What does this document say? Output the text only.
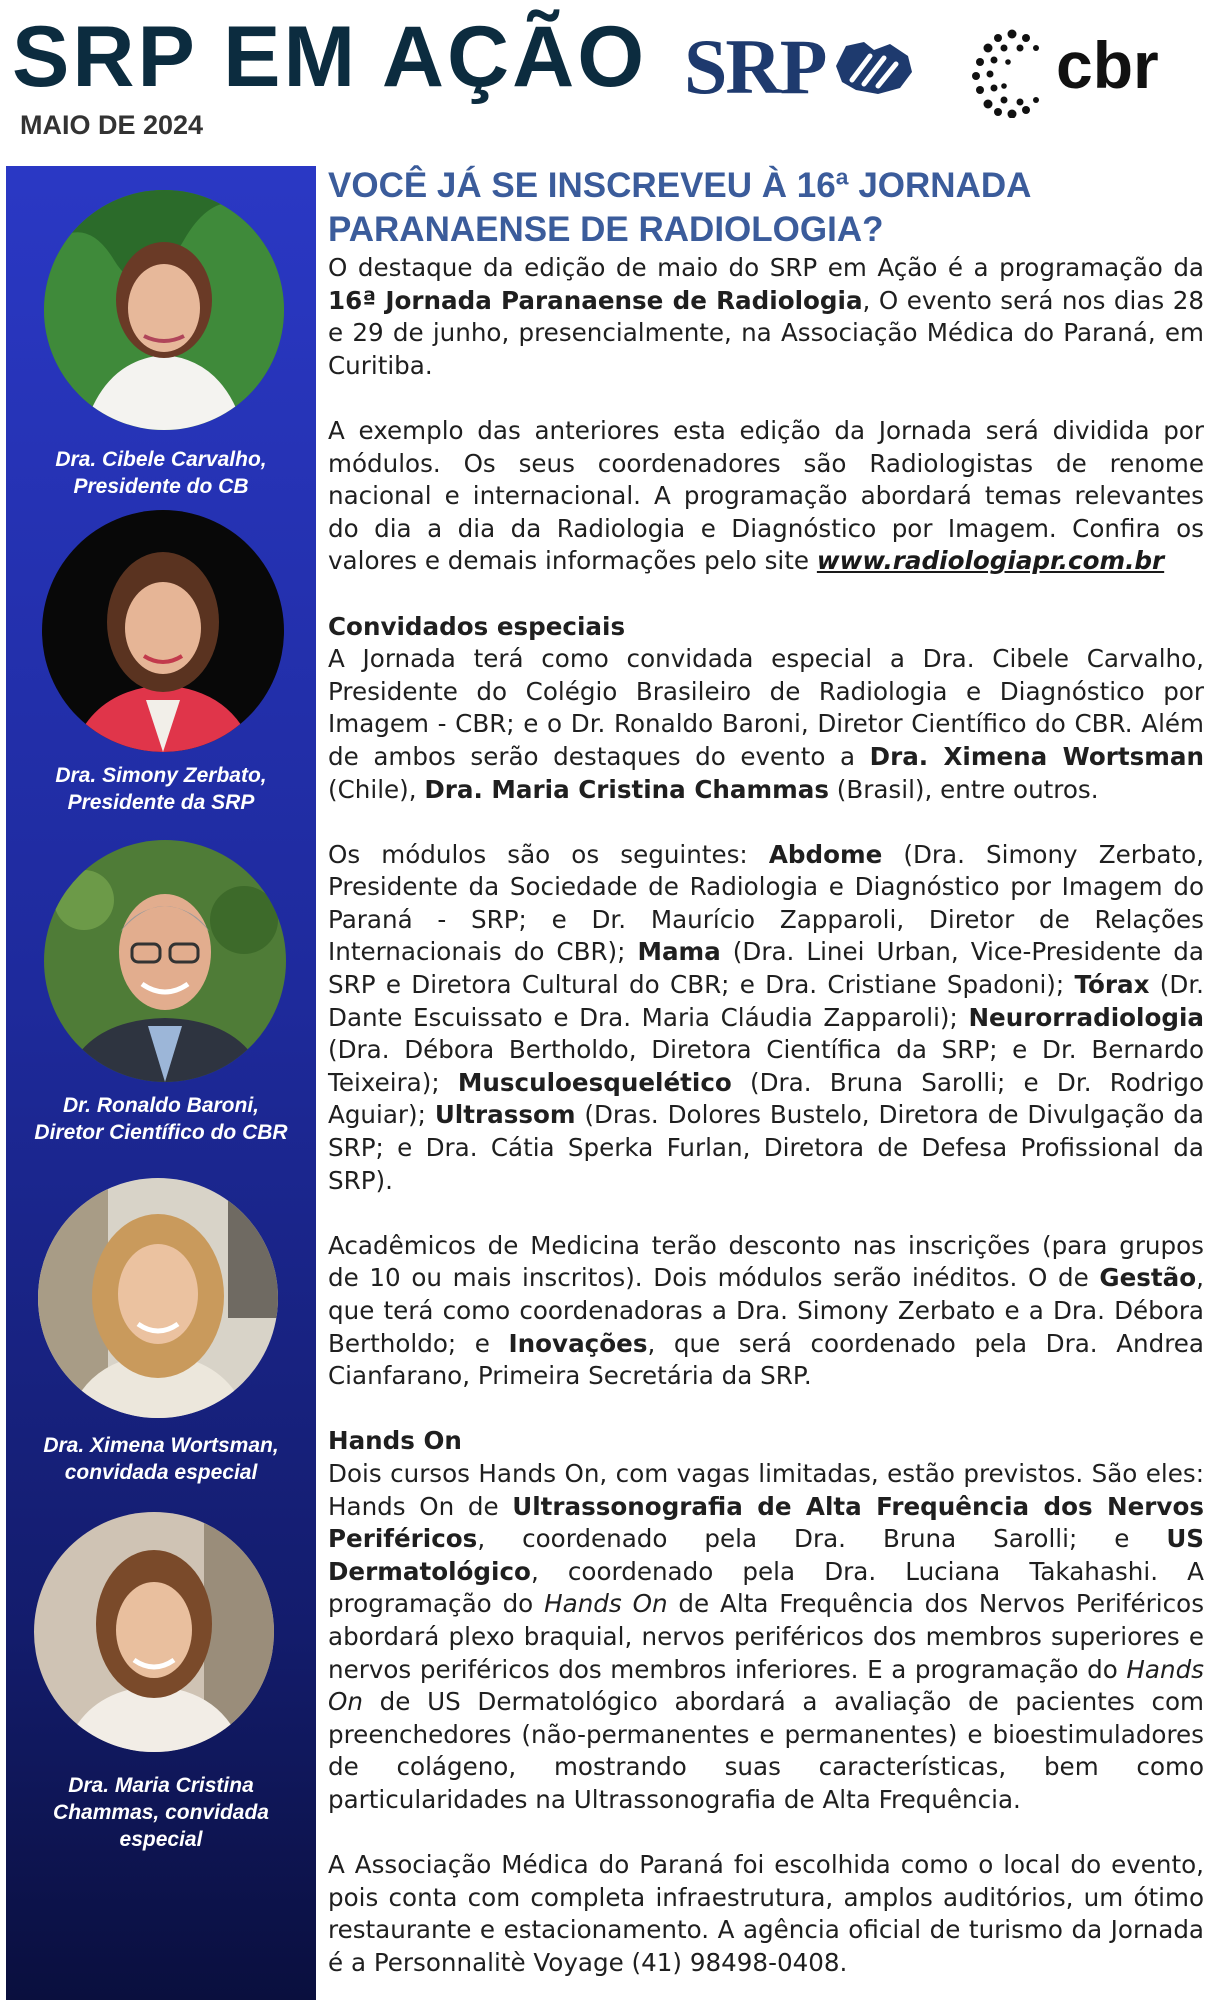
SRP EM AÇÃO
MAIO DE 2024
SRP	cbr
Dra. Cibele Carvalho,
Presidente do CB
Dra. Simony Zerbato,
Presidente da SRP
Dr. Ronaldo Baroni,
Diretor Científico do CBR
Dra. Ximena Wortsman,
convidada especial
Dra. Maria Cristina
Chammas, convidada
especial
VOCÊ JÁ SE INSCREVEU À 16ª JORNADA PARANAENSE DE RADIOLOGIA?

O destaque da edição de maio do SRP em Ação é a programação da 16ª Jornada Paranaense de Radiologia, O evento será nos dias 28 e 29 de junho, presencialmente, na Associação Médica do Paraná, em Curitiba.

A exemplo das anteriores esta edição da Jornada será dividida por módulos. Os seus coordenadores são Radiologistas de renome nacional e internacional. A programação abordará temas relevantes do dia a dia da Radiologia e Diagnóstico por Imagem. Confira os valores e demais informações pelo site www.radiologiapr.com.br

Convidados especiais

A Jornada terá como convidada especial a Dra. Cibele Carvalho, Presidente do Colégio Brasileiro de Radiologia e Diagnóstico por Imagem - CBR; e o Dr. Ronaldo Baroni, Diretor Científico do CBR. Além de ambos serão destaques do evento a Dra. Ximena Wortsman (Chile), Dra. Maria Cristina Chammas (Brasil), entre outros.

Os módulos são os seguintes: Abdome (Dra. Simony Zerbato, Presidente da Sociedade de Radiologia e Diagnóstico por Imagem do Paraná - SRP; e Dr. Maurício Zapparoli, Diretor de Relações Internacionais do CBR); Mama (Dra. Linei Urban, Vice-Presidente da SRP e Diretora Cultural do CBR; e Dra. Cristiane Spadoni); Tórax (Dr. Dante Escuissato e Dra. Maria Cláudia Zapparoli); Neurorradiologia (Dra. Débora Bertholdo, Diretora Científica da SRP; e Dr. Bernardo Teixeira); Musculoesquelético (Dra. Bruna Sarolli; e Dr. Rodrigo Aguiar); Ultrassom (Dras. Dolores Bustelo, Diretora de Divulgação da SRP; e Dra. Cátia Sperka Furlan, Diretora de Defesa Profissional da SRP).

Acadêmicos de Medicina terão desconto nas inscrições (para grupos de 10 ou mais inscritos). Dois módulos serão inéditos. O de Gestão, que terá como coordenadoras a Dra. Simony Zerbato e a Dra. Débora Bertholdo; e Inovações, que será coordenado pela Dra. Andrea Cianfarano, Primeira Secretária da SRP.

Hands On

Dois cursos Hands On, com vagas limitadas, estão previstos. São eles: Hands On de Ultrassonografia de Alta Frequência dos Nervos Periféricos, coordenado pela Dra. Bruna Sarolli; e US Dermatológico, coordenado pela Dra. Luciana Takahashi. A programação do Hands On de Alta Frequência dos Nervos Periféricos abordará plexo braquial, nervos periféricos dos membros superiores e nervos periféricos dos membros inferiores. E a programação do Hands On de US Dermatológico abordará a avaliação de pacientes com preenchedores (não-permanentes e permanentes) e bioestimuladores de colágeno, mostrando suas características, bem como particularidades na Ultrassonografia de Alta Frequência.

A Associação Médica do Paraná foi escolhida como o local do evento, pois conta com completa infraestrutura, amplos auditórios, um ótimo restaurante e estacionamento. A agência oficial de turismo da Jornada é a Personnalitè Voyage (41) 98498-0408.
